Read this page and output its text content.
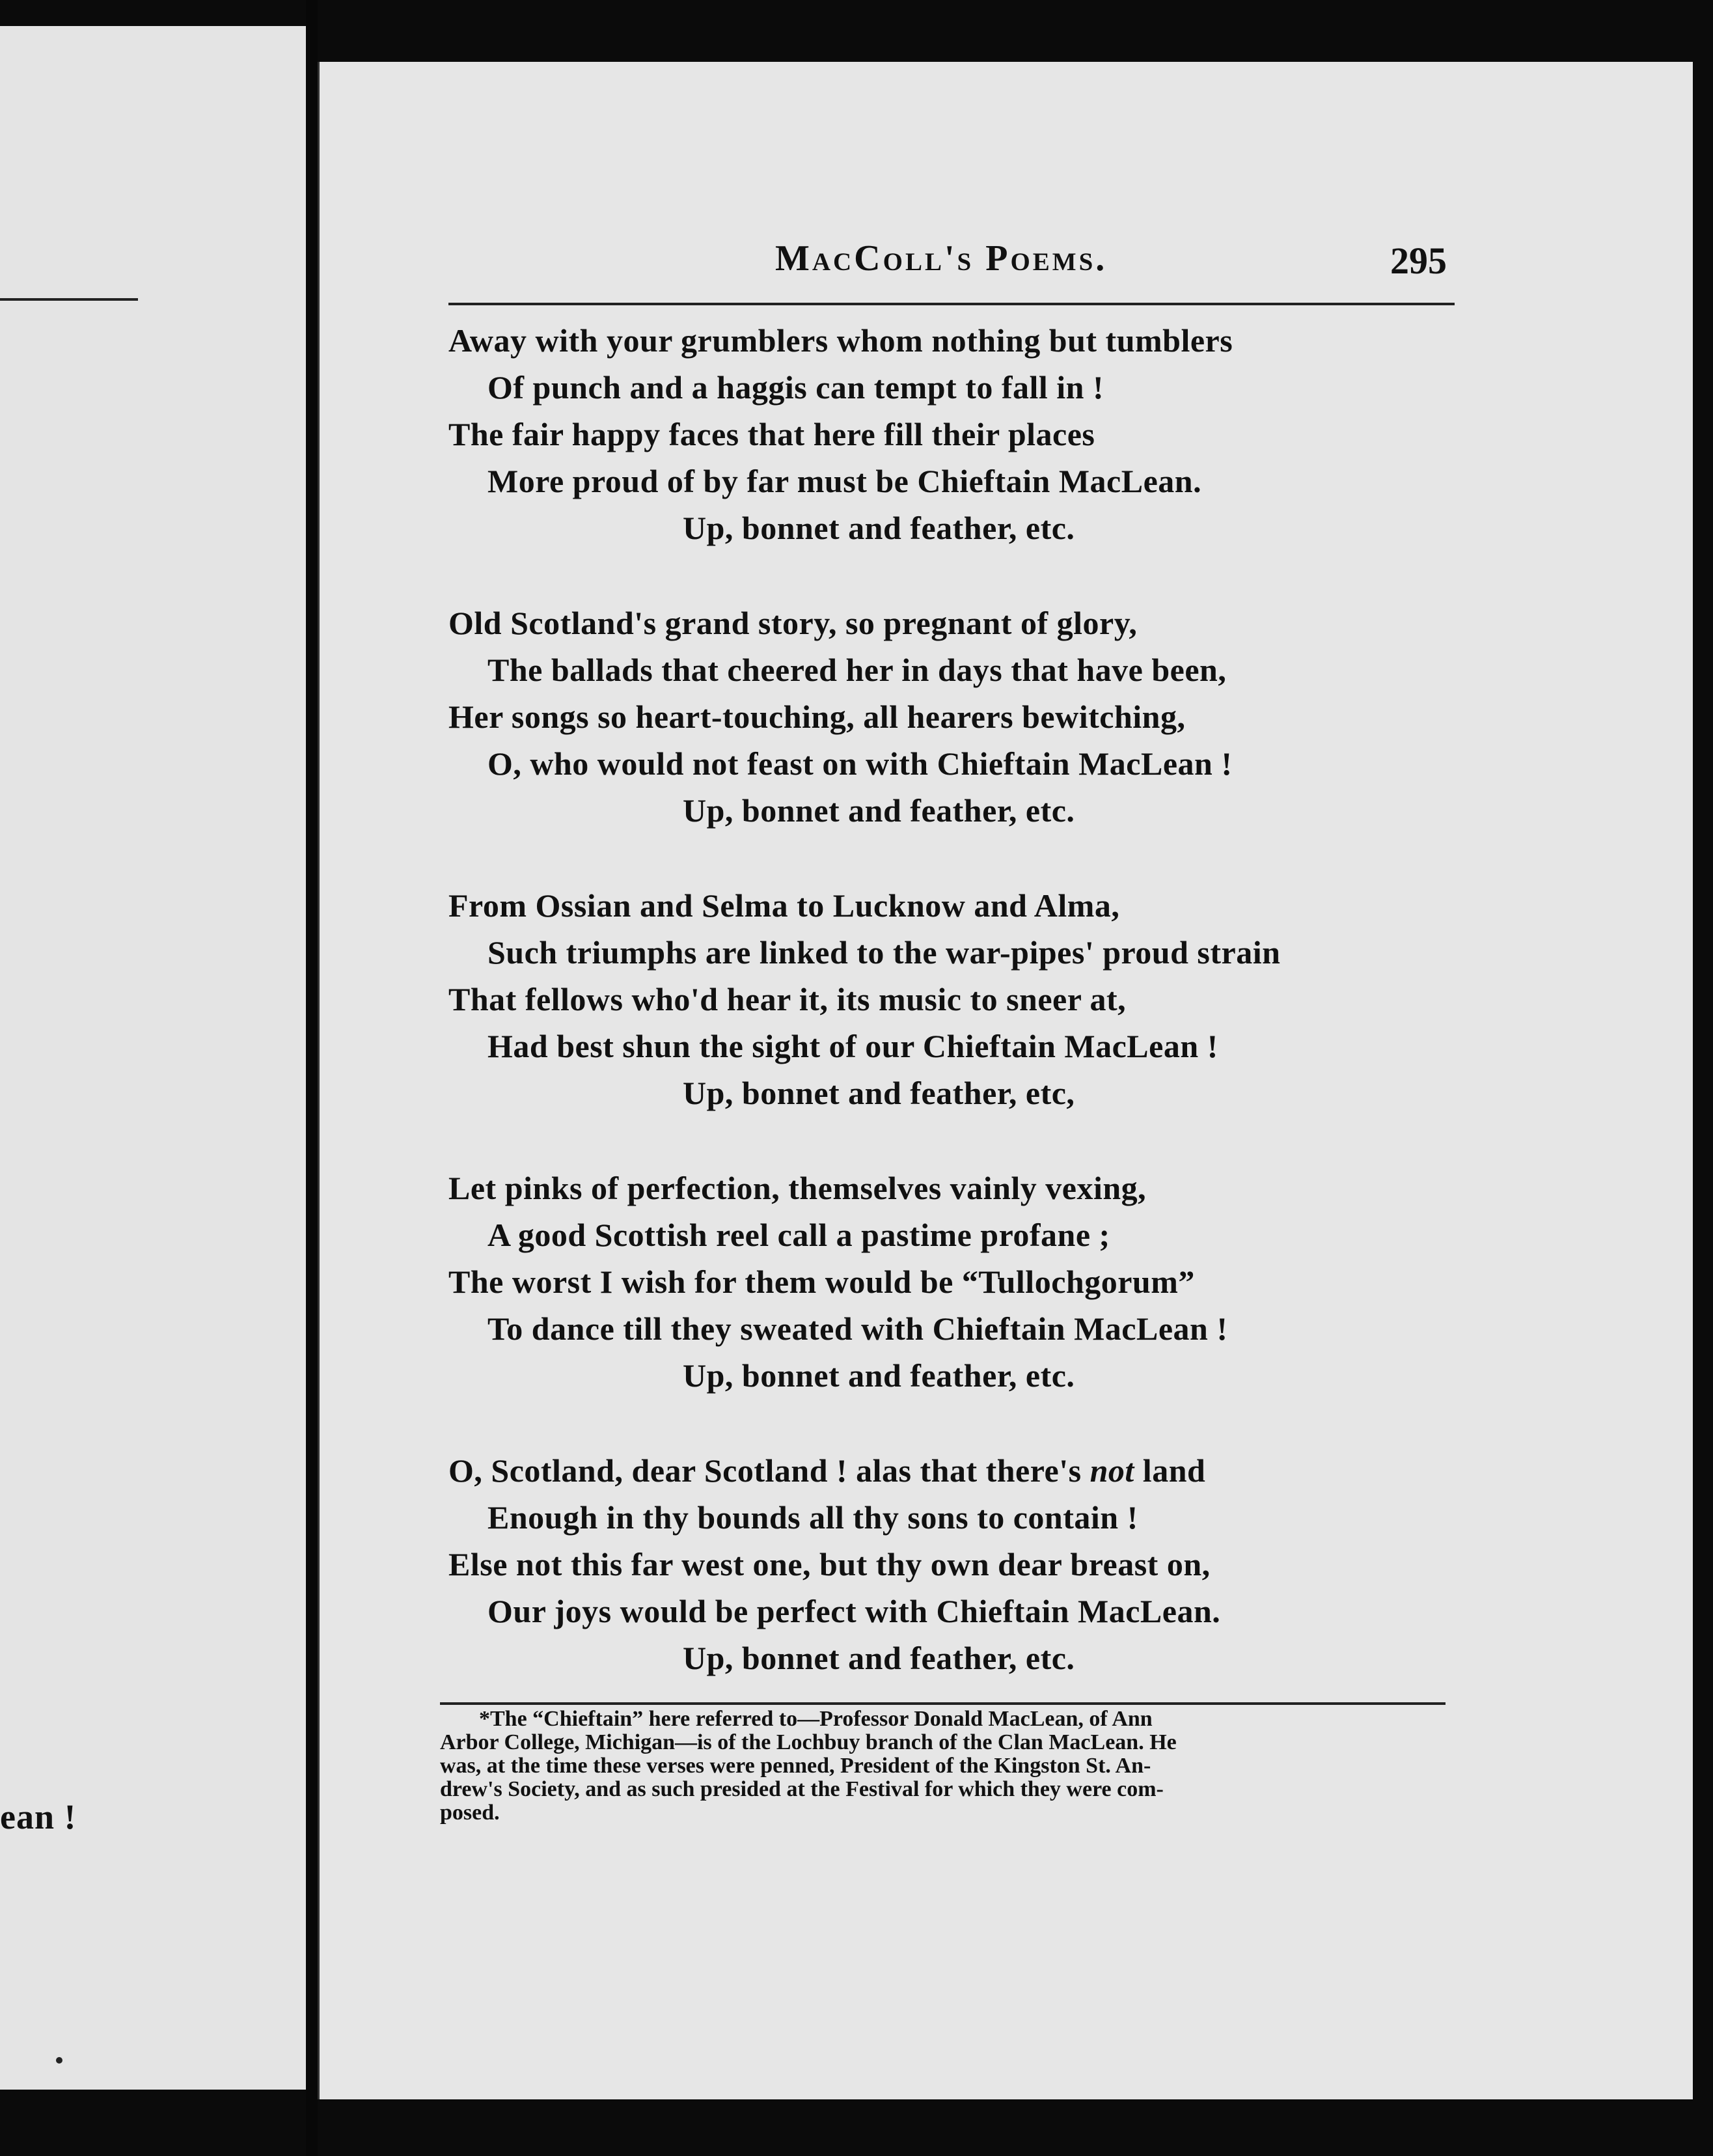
ean !
MacColl's Poems.	295
Away with your grumblers whom nothing but tumblers
Of punch and a haggis can tempt to fall in !
The fair happy faces that here fill their places
More proud of by far must be Chieftain MacLean.
Up, bonnet and feather, etc.
Old Scotland's grand story, so pregnant of glory,
The ballads that cheered her in days that have been,
Her songs so heart-touching, all hearers bewitching,
O, who would not feast on with Chieftain MacLean !
Up, bonnet and feather, etc.
From Ossian and Selma to Lucknow and Alma,
Such triumphs are linked to the war-pipes' proud strain
That fellows who'd hear it, its music to sneer at,
Had best shun the sight of our Chieftain MacLean !
Up, bonnet and feather, etc,
Let pinks of perfection, themselves vainly vexing,
A good Scottish reel call a pastime profane ;
The worst I wish for them would be “Tullochgorum”
To dance till they sweated with Chieftain MacLean !
Up, bonnet and feather, etc.
O, Scotland, dear Scotland ! alas that there's not land
Enough in thy bounds all thy sons to contain !
Else not this far west one, but thy own dear breast on,
Our joys would be perfect with Chieftain MacLean.
Up, bonnet and feather, etc.
*The “Chieftain” here referred to—Professor Donald MacLean, of Ann
Arbor College, Michigan—is of the Lochbuy branch of the Clan MacLean. He
was, at the time these verses were penned, President of the Kingston St. An-
drew's Society, and as such presided at the Festival for which they were com-
posed.
